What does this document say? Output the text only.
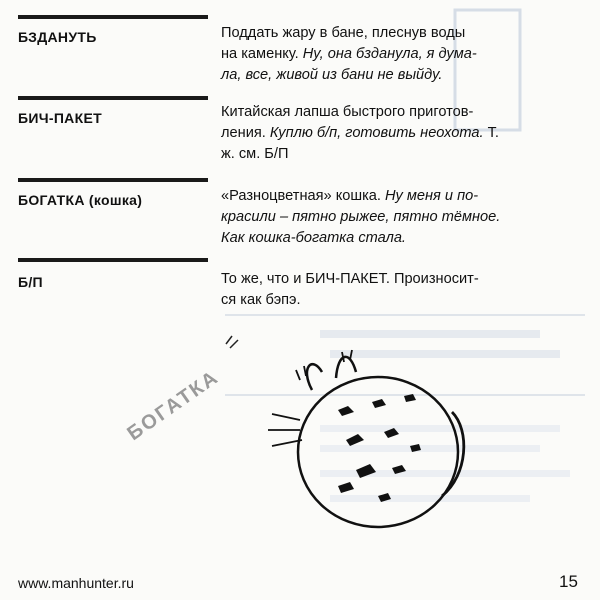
БЗДАНУТЬ	Поддать жару в бане, плеснув воды
на каменку. Ну, она бзданула, я дума-
ла, все, живой из бани не выйду.
БИЧ-ПАКЕТ	Китайская лапша быстрого приготов-
ления. Куплю б/п, готовить неохота. Т.
ж. см. Б/П
БОГАТКА (кошка)	«Разноцветная» кошка. Ну меня и по-
красили – пятно рыжее, пятно тёмное.
Как кошка-богатка стала.
Б/П	То же, что и БИЧ-ПАКЕТ. Произносит-
ся как бэпэ.
БОГАТКА
www.manhunter.ru	15
